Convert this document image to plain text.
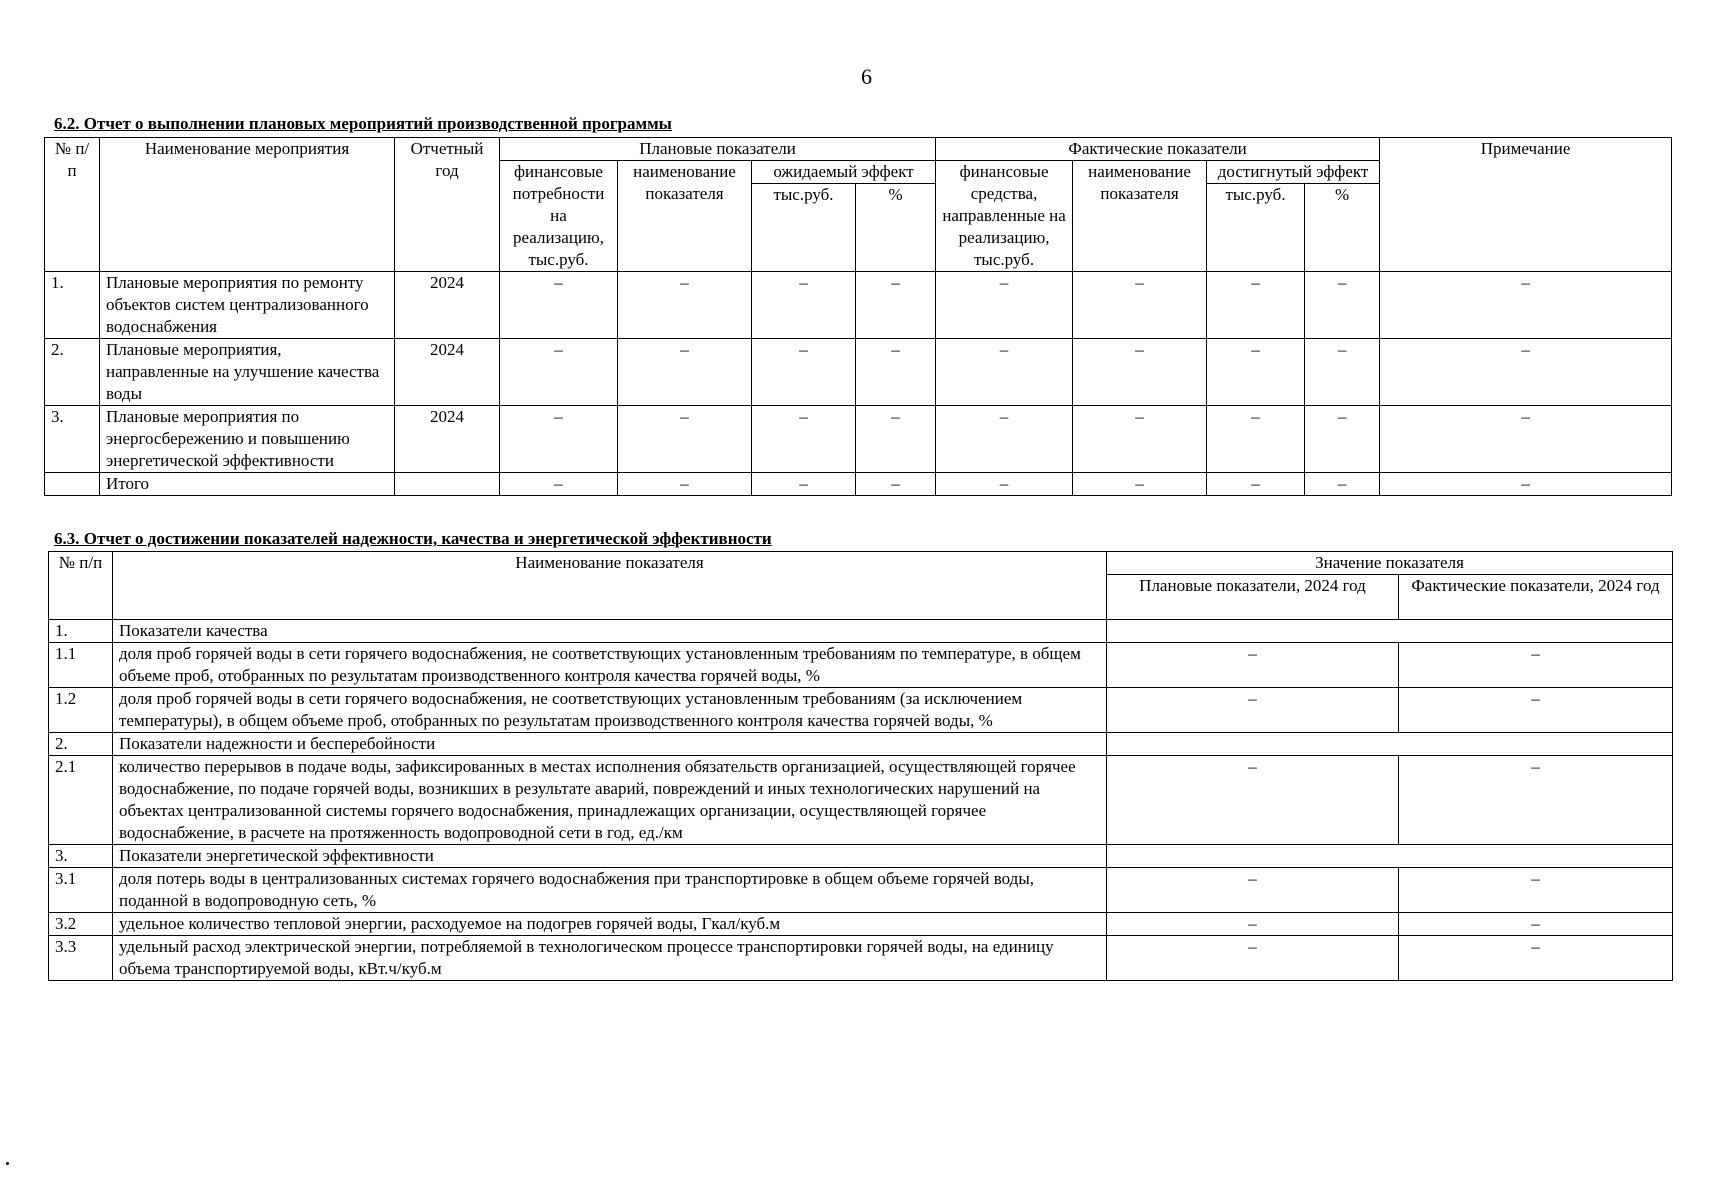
6
6.2. Отчет о выполнении плановых мероприятий производственной программы
№ п/п	Наименование мероприятия	Отчетный год	Плановые показатели				Фактические показатели				Примечание
			финансовые потребности на реализацию, тыс.руб.	наименование показателя	ожидаемый эффект		финансовые средства, направленные на реализацию, тыс.руб.	наименование показателя	достигнутый эффект		
					тыс.руб.	%			тыс.руб.	%	
1.	Плановые мероприятия по ремонту объектов систем централизованного водоснабжения	2024	–	–	–	–	–	–	–	–	–
2.	Плановые мероприятия, направленные на улучшение качества воды	2024	–	–	–	–	–	–	–	–	–
3.	Плановые мероприятия по энергосбережению и повышению энергетической эффективности	2024	–	–	–	–	–	–	–	–	–
	Итого		–	–	–	–	–	–	–	–	–
6.3. Отчет о достижении показателей надежности, качества и энергетической эффективности
№ п/п	Наименование показателя	Значение показателя	
		Плановые показатели, 2024 год	Фактические показатели, 2024 год
1.	Показатели качества		
1.1	доля проб горячей воды в сети горячего водоснабжения, не соответствующих установленным требованиям по температуре, в общем объеме проб, отобранных по результатам производственного контроля качества горячей воды, %	–	–
1.2	доля проб горячей воды в сети горячего водоснабжения, не соответствующих установленным требованиям (за исключением температуры), в общем объеме проб, отобранных по результатам производственного контроля качества горячей воды, %	–	–
2.	Показатели надежности и бесперебойности		
2.1	количество перерывов в подаче воды, зафиксированных в местах исполнения обязательств организацией, осуществляющей горячее водоснабжение, по подаче горячей воды, возникших в результате аварий, повреждений и иных технологических нарушений на объектах централизованной системы горячего водоснабжения, принадлежащих организации, осуществляющей горячее водоснабжение, в расчете на протяженность водопроводной сети в год, ед./км	–	–
3.	Показатели энергетической эффективности		
3.1	доля потерь воды в централизованных системах горячего водоснабжения при транспортировке в общем объеме горячей воды, поданной в водопроводную сеть, %	–	–
3.2	удельное количество тепловой энергии, расходуемое на подогрев горячей воды, Гкал/куб.м	–	–
3.3	удельный расход электрической энергии, потребляемой в технологическом процессе транспортировки горячей воды, на единицу объема транспортируемой воды, кВт.ч/куб.м	–	–
